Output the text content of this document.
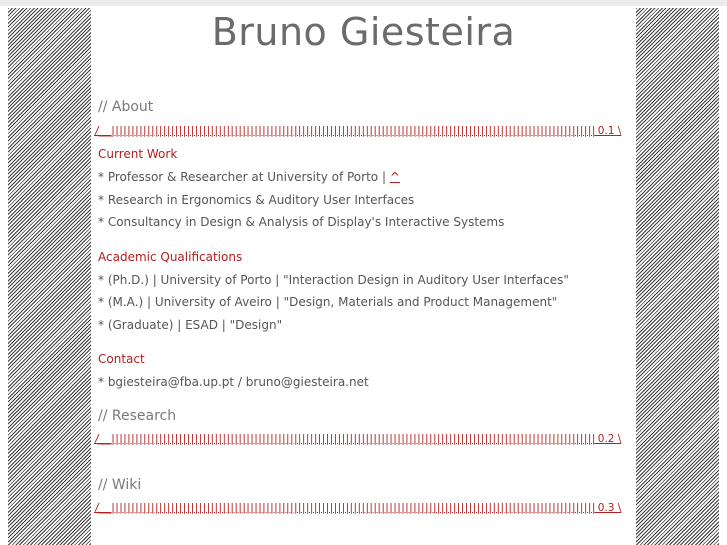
Bruno Giesteira
// About
/___|||||||||||||||||||||||||||||||||||||||||||||||||||||||||||||||||||||||||||||||||||||||||||||||||||||||||||||||||||||||||| 0.1 \
Current Work
* Professor & Researcher at University of Porto | ^
* Research in Ergonomics & Auditory User Interfaces
* Consultancy in Design & Analysis of Display's Interactive Systems
Academic Qualifications
* (Ph.D.) | University of Porto | "Interaction Design in Auditory User Interfaces"
* (M.A.) | University of Aveiro | "Design, Materials and Product Management"
* (Graduate) | ESAD | "Design"
Contact
* bgiesteira@fba.up.pt / bruno@giesteira.net
// Research
/___|||||||||||||||||||||||||||||||||||||||||||||||||||||||||||||||||||||||||||||||||||||||||||||||||||||||||||||||||||||||||| 0.2 \
// Wiki
/___|||||||||||||||||||||||||||||||||||||||||||||||||||||||||||||||||||||||||||||||||||||||||||||||||||||||||||||||||||||||||| 0.3 \
